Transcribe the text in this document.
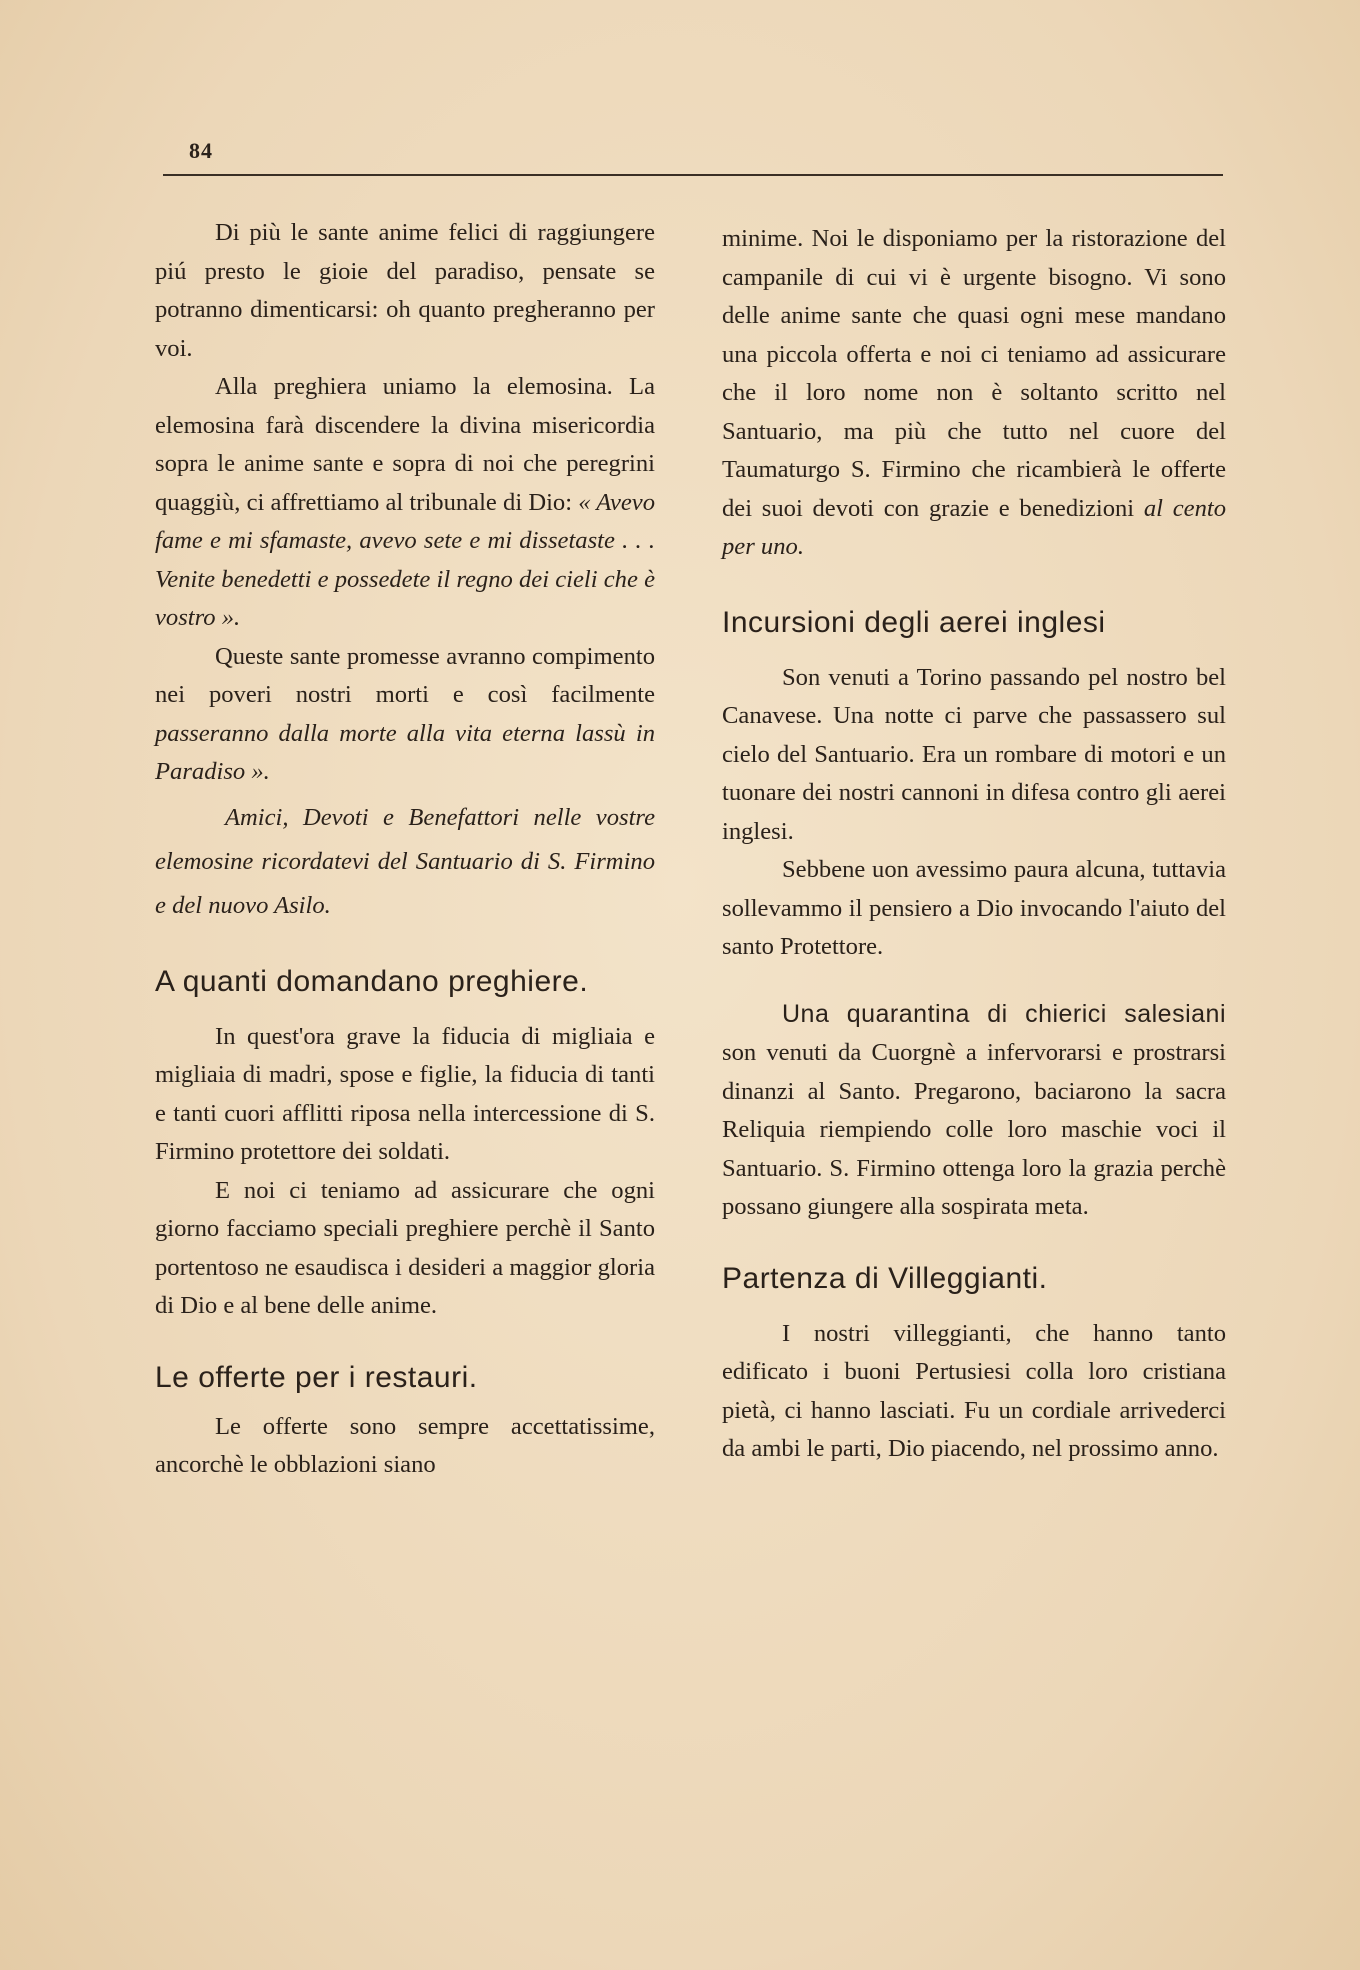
84

Di più le sante anime felici di raggiungere piú presto le gioie del paradiso, pensate se potranno dimenticarsi: oh quanto pregheranno per voi.

Alla preghiera uniamo la elemosina. La elemosina farà discendere la divina misericordia sopra le anime sante e sopra di noi che peregrini quaggiù, ci affrettiamo al tribunale di Dio: « Avevo fame e mi sfamaste, avevo sete e mi dissetaste . . . Venite benedetti e possedete il regno dei cieli che è vostro ».

Queste sante promesse avranno compimento nei poveri nostri morti e così facilmente passeranno dalla morte alla vita eterna lassù in Paradiso ».

Amici, Devoti e Benefattori nelle vostre elemosine ricordatevi del Santuario di S. Firmino e del nuovo Asilo.

A quanti domandano preghiere.

In quest'ora grave la fiducia di migliaia e migliaia di madri, spose e figlie, la fiducia di tanti e tanti cuori afflitti riposa nella intercessione di S. Firmino protettore dei soldati.

E noi ci teniamo ad assicurare che ogni giorno facciamo speciali preghiere perchè il Santo portentoso ne esaudisca i desideri a maggior gloria di Dio e al bene delle anime.

Le offerte per i restauri.

Le offerte sono sempre accettatissime, ancorchè le obblazioni siano

minime. Noi le disponiamo per la ristorazione del campanile di cui vi è urgente bisogno. Vi sono delle anime sante che quasi ogni mese mandano una piccola offerta e noi ci teniamo ad assicurare che il loro nome non è soltanto scritto nel Santuario, ma più che tutto nel cuore del Taumaturgo S. Firmino che ricambierà le offerte dei suoi devoti con grazie e benedizioni al cento per uno.

Incursioni degli aerei inglesi

Son venuti a Torino passando pel nostro bel Canavese. Una notte ci parve che passassero sul cielo del Santuario. Era un rombare di motori e un tuonare dei nostri cannoni in difesa contro gli aerei inglesi.

Sebbene uon avessimo paura alcuna, tuttavia sollevammo il pensiero a Dio invocando l'aiuto del santo Protettore.

Una quarantina di chierici salesiani son venuti da Cuorgnè a infervorarsi e prostrarsi dinanzi al Santo. Pregarono, baciarono la sacra Reliquia riempiendo colle loro maschie voci il Santuario. S. Firmino ottenga loro la grazia perchè possano giungere alla sospirata meta.

Partenza di Villeggianti.

I nostri villeggianti, che hanno tanto edificato i buoni Pertusiesi colla loro cristiana pietà, ci hanno lasciati. Fu un cordiale arrivederci da ambi le parti, Dio piacendo, nel prossimo anno.
